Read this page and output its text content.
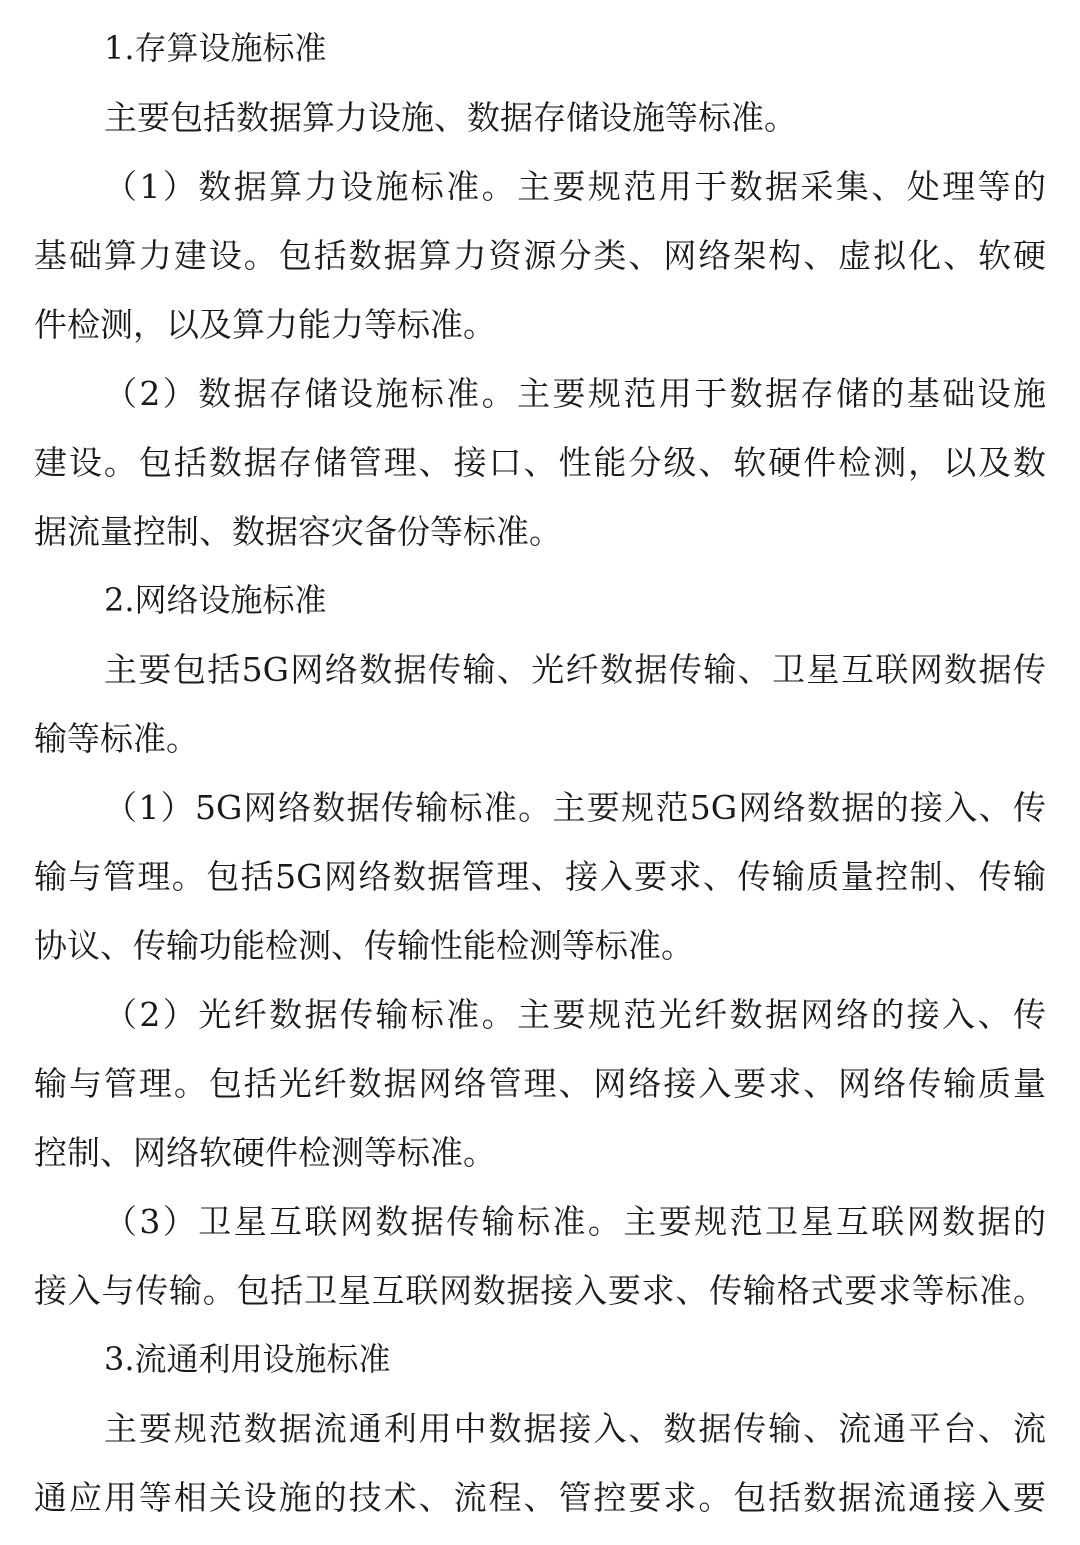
1.存算设施标准
主要包括数据算力设施、数据存储设施等标准。
（1）数据算力设施标准。主要规范用于数据采集、处理等的
基础算力建设。包括数据算力资源分类、网络架构、虚拟化、软硬
件检测，以及算力能力等标准。
（2）数据存储设施标准。主要规范用于数据存储的基础设施
建设。包括数据存储管理、接口、性能分级、软硬件检测，以及数
据流量控制、数据容灾备份等标准。
2.网络设施标准
主要包括5G网络数据传输、光纤数据传输、卫星互联网数据传
输等标准。
（1）5G网络数据传输标准。主要规范5G网络数据的接入、传
输与管理。包括5G网络数据管理、接入要求、传输质量控制、传输
协议、传输功能检测、传输性能检测等标准。
（2）光纤数据传输标准。主要规范光纤数据网络的接入、传
输与管理。包括光纤数据网络管理、网络接入要求、网络传输质量
控制、网络软硬件检测等标准。
（3）卫星互联网数据传输标准。主要规范卫星互联网数据的
接入与传输。包括卫星互联网数据接入要求、传输格式要求等标准。
3.流通利用设施标准
主要规范数据流通利用中数据接入、数据传输、流通平台、流
通应用等相关设施的技术、流程、管控要求。包括数据流通接入要
